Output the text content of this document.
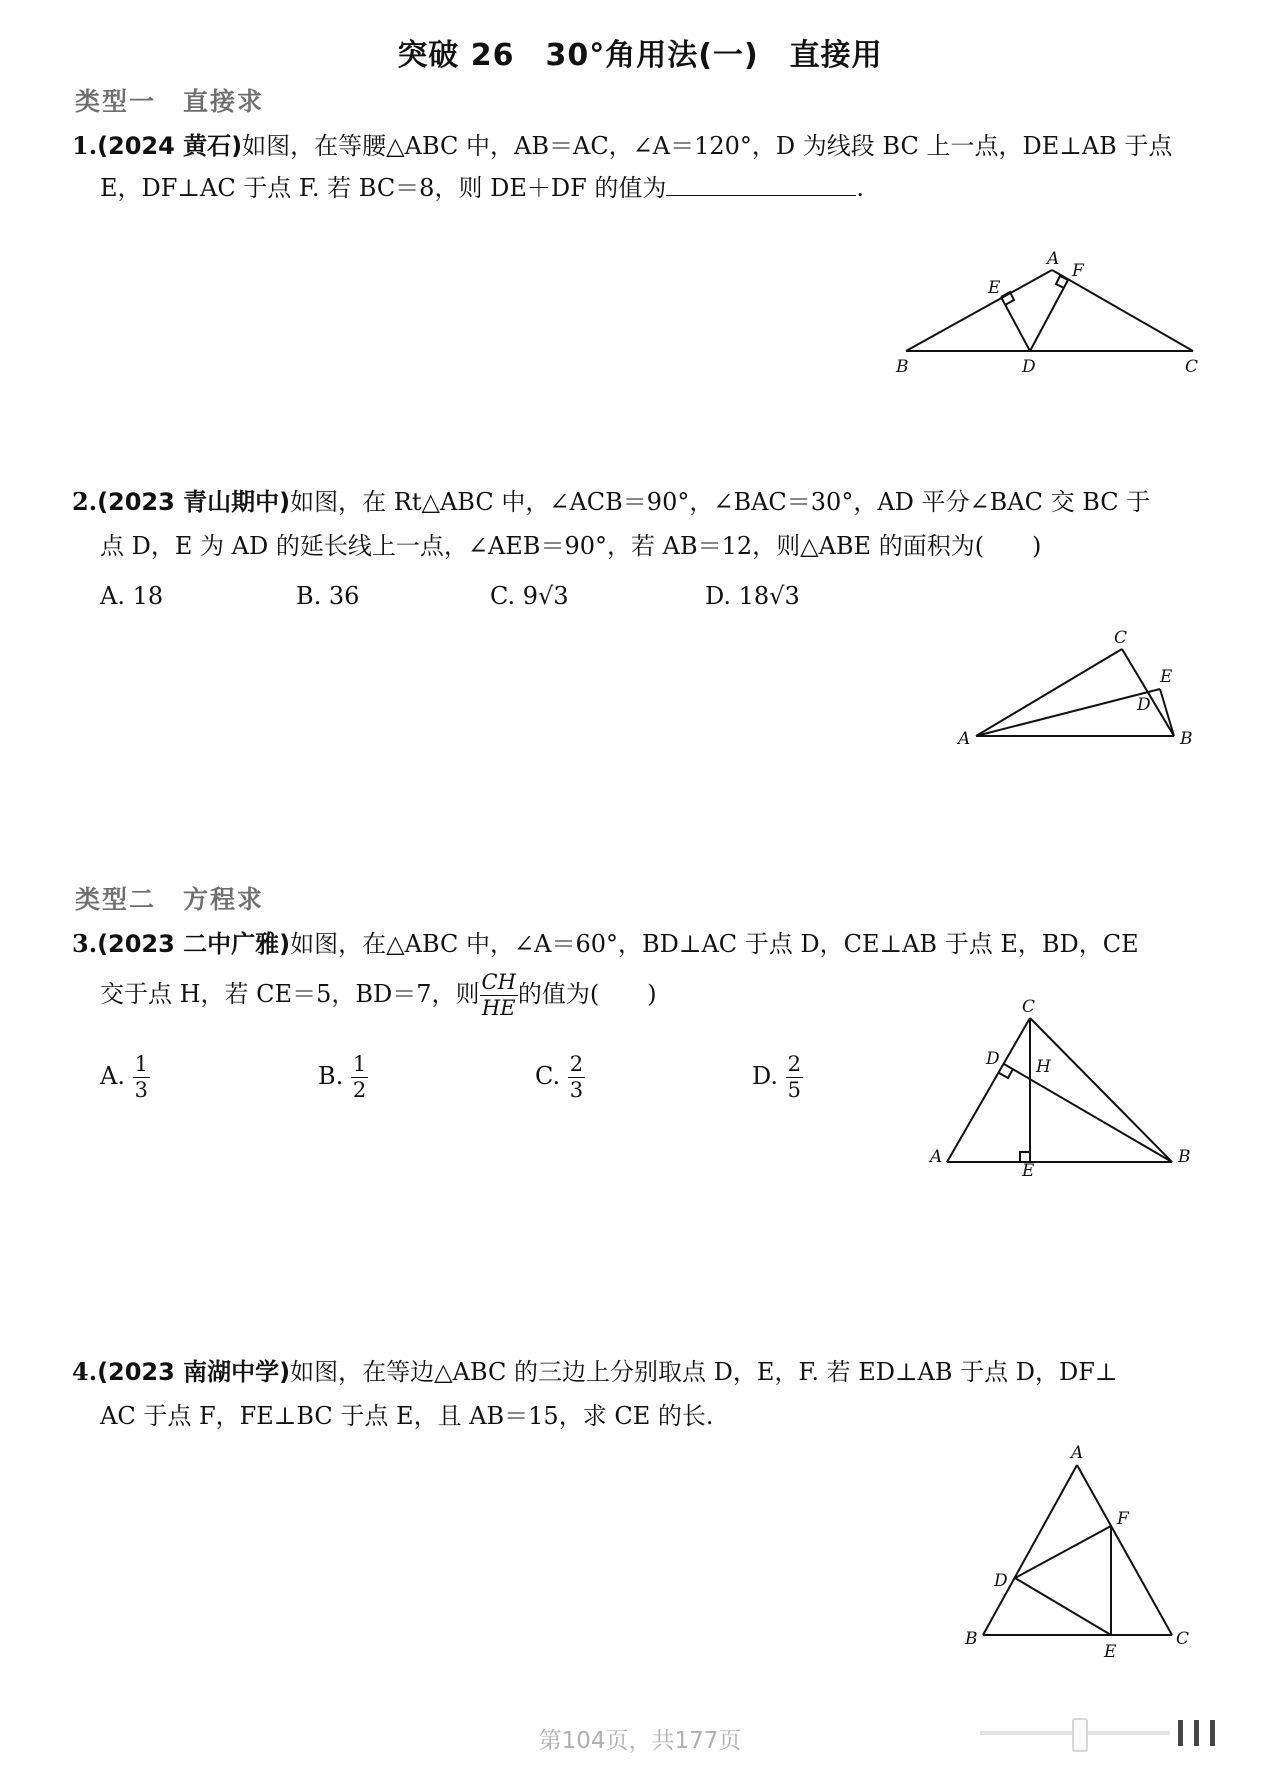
突破 26　30°角用法(一)　直接用
类型一　直接求
1.(2024 黄石)如图，在等腰△ABC 中，AB＝AC，∠A＝120°，D 为线段 BC 上一点，DE⊥AB 于点
E，DF⊥AC 于点 F. 若 BC＝8，则 DE＋DF 的值为	.
A
B	C
D
E
F
2.(2023 青山期中)如图，在 Rt△ABC 中，∠ACB＝90°，∠BAC＝30°，AD 平分∠BAC 交 BC 于
点 D，E 为 AD 的延长线上一点，∠AEB＝90°，若 AB＝12，则△ABE 的面积为(　　)
A. 18	B. 36	C. 9√3	D. 18√3
C
E
D
A	B
类型二　方程求
3.(2023 二中广雅)如图，在△ABC 中，∠A＝60°，BD⊥AC 于点 D，CE⊥AB 于点 E，BD，CE
交于点 H，若 CE＝5，BD＝7，则 $\frac{CH}{HE}$ 的值为(　　)
A. $\frac{1}{3}$	B. $\frac{1}{2}$	C. $\frac{2}{3}$	D. $\frac{2}{5}$
C
D H
A	B
E
4.(2023 南湖中学)如图，在等边△ABC 的三边上分别取点 D，E，F. 若 ED⊥AB 于点 D，DF⊥
AC 于点 F，FE⊥BC 于点 E，且 AB＝15，求 CE 的长.
A
F
D
B	C
E
第104页，共177页
